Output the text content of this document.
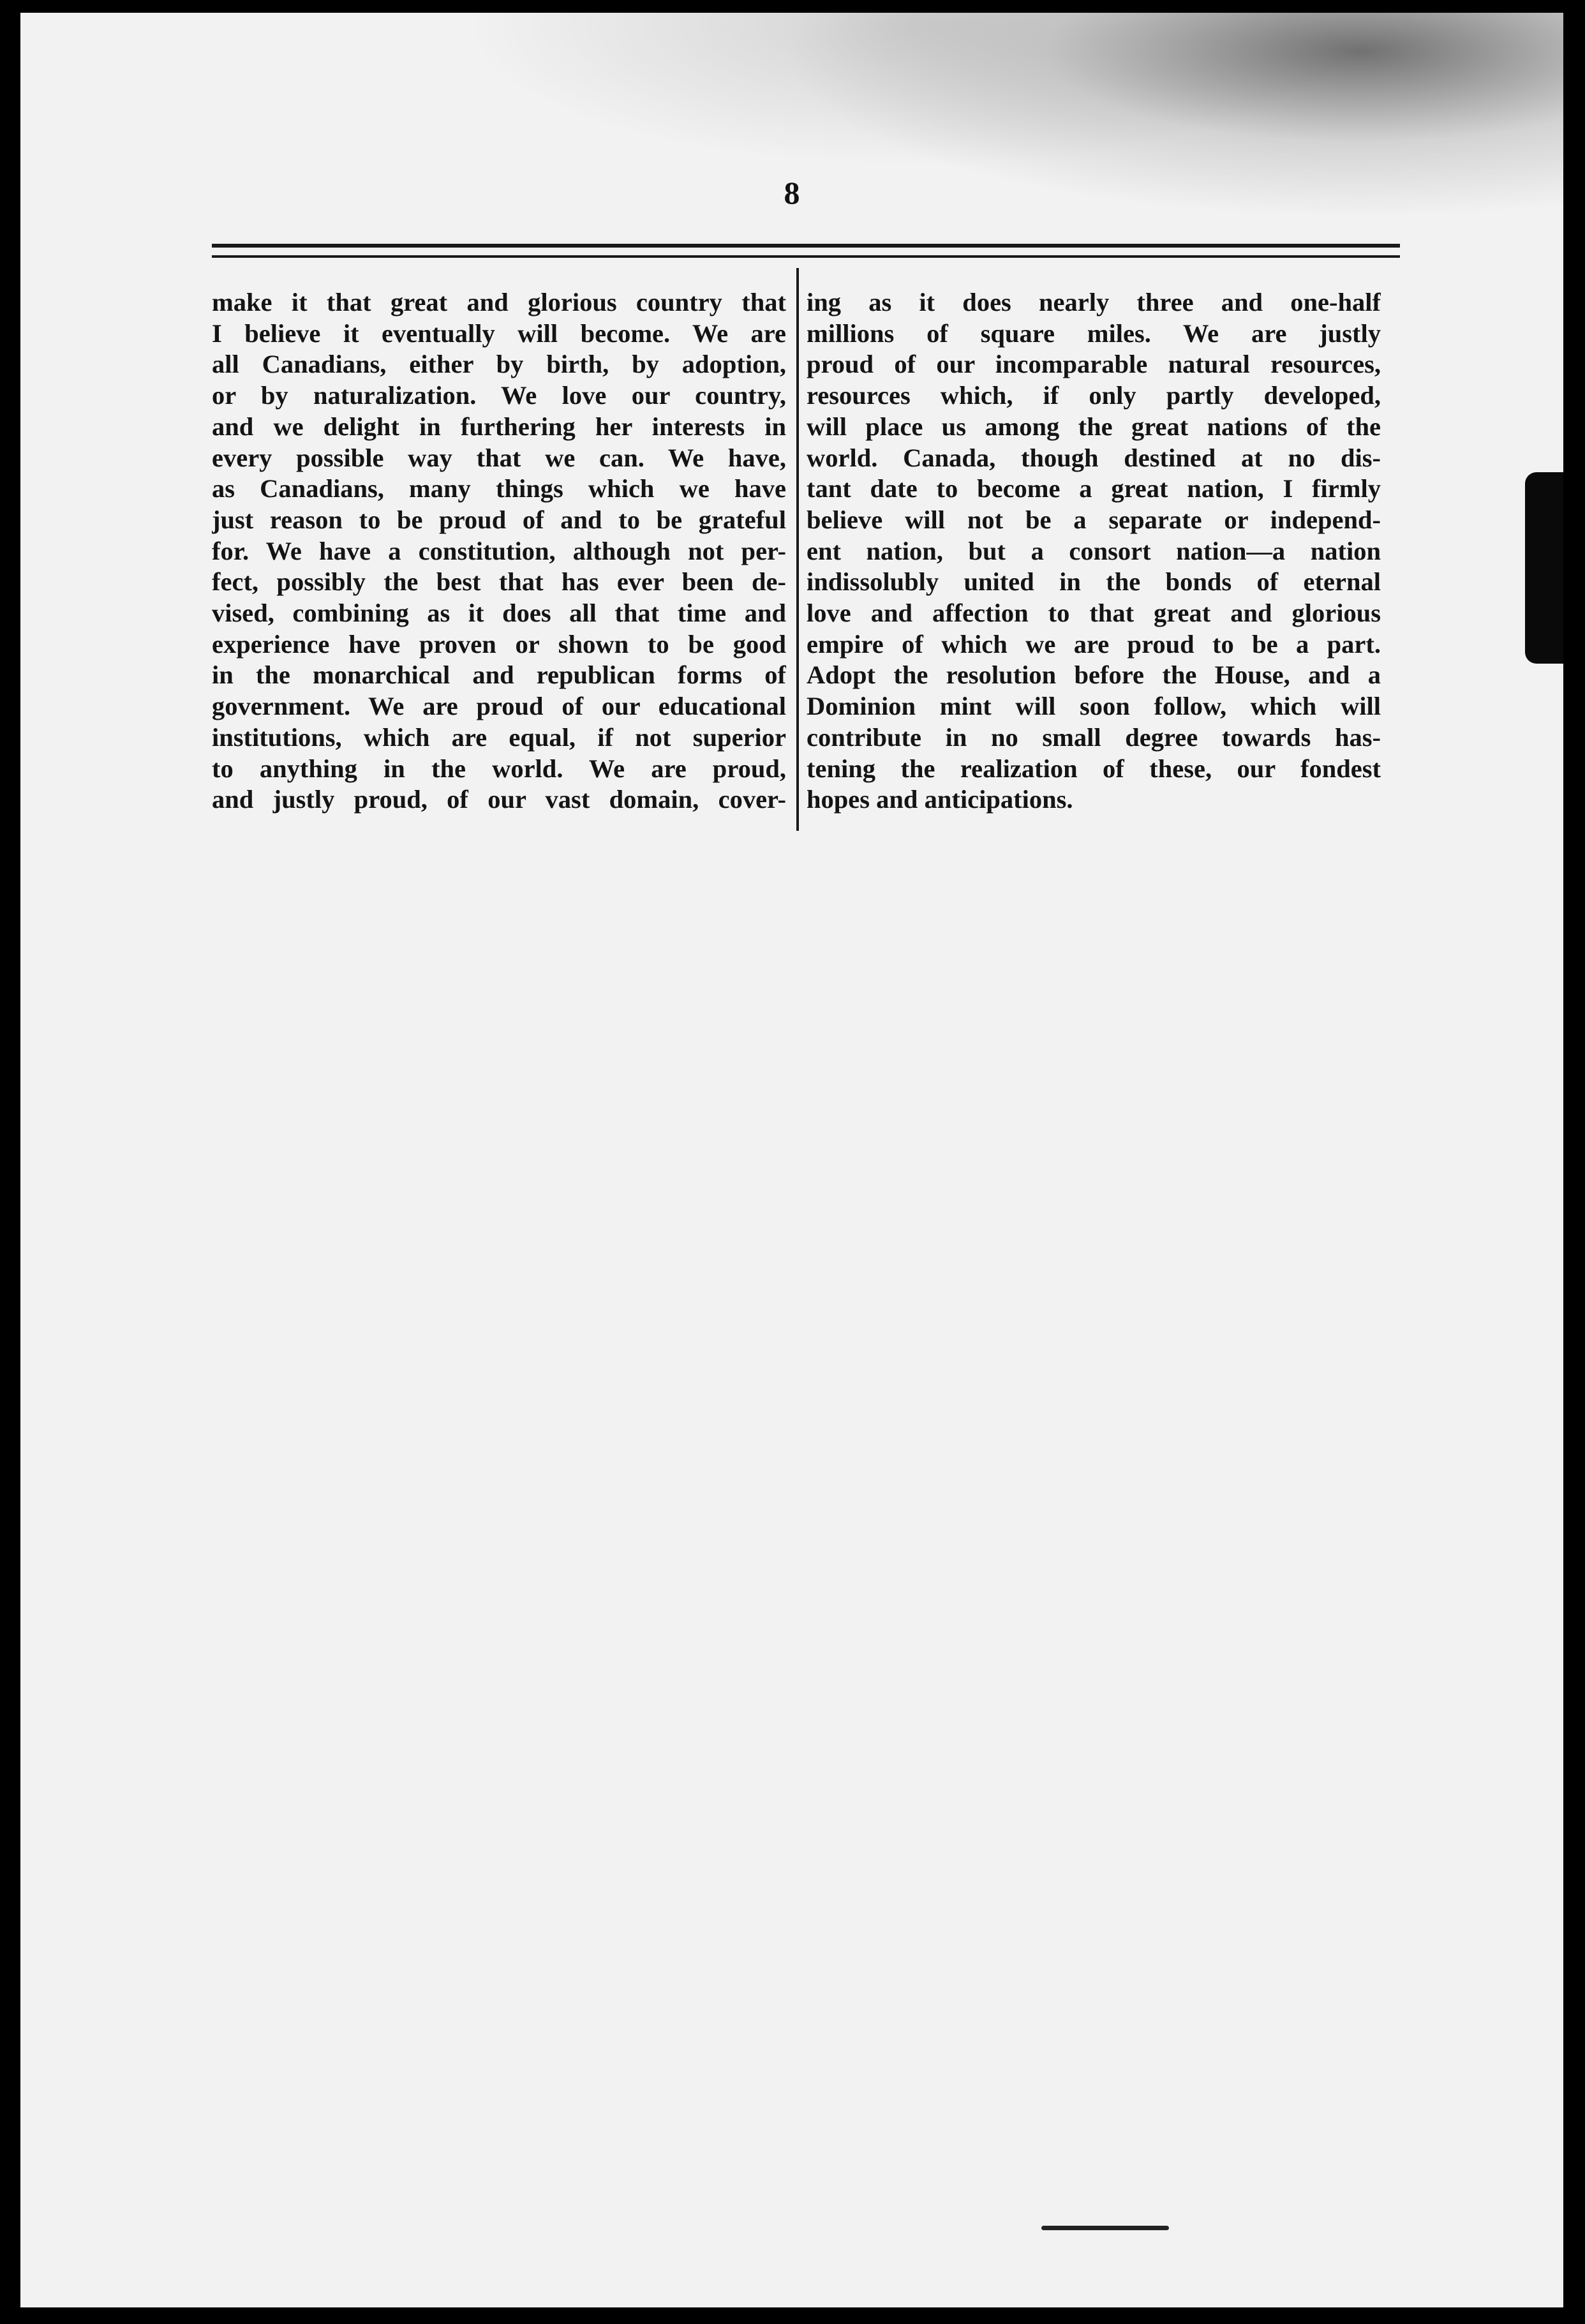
8
make it that great and glorious country that
I believe it eventually will become. We are
all Canadians, either by birth, by adoption,
or by naturalization. We love our country,
and we delight in furthering her interests in
every possible way that we can. We have,
as Canadians, many things which we have
just reason to be proud of and to be grateful
for. We have a constitution, although not per-
fect, possibly the best that has ever been de-
vised, combining as it does all that time and
experience have proven or shown to be good
in the monarchical and republican forms of
government. We are proud of our educational
institutions, which are equal, if not superior
to anything in the world. We are proud,
and justly proud, of our vast domain, cover-
ing as it does nearly three and one-half
millions of square miles. We are justly
proud of our incomparable natural resources,
resources which, if only partly developed,
will place us among the great nations of the
world. Canada, though destined at no dis-
tant date to become a great nation, I firmly
believe will not be a separate or independ-
ent nation, but a consort nation—a nation
indissolubly united in the bonds of eternal
love and affection to that great and glorious
empire of which we are proud to be a part.
Adopt the resolution before the House, and a
Dominion mint will soon follow, which will
contribute in no small degree towards has-
tening the realization of these, our fondest
hopes and anticipations.
